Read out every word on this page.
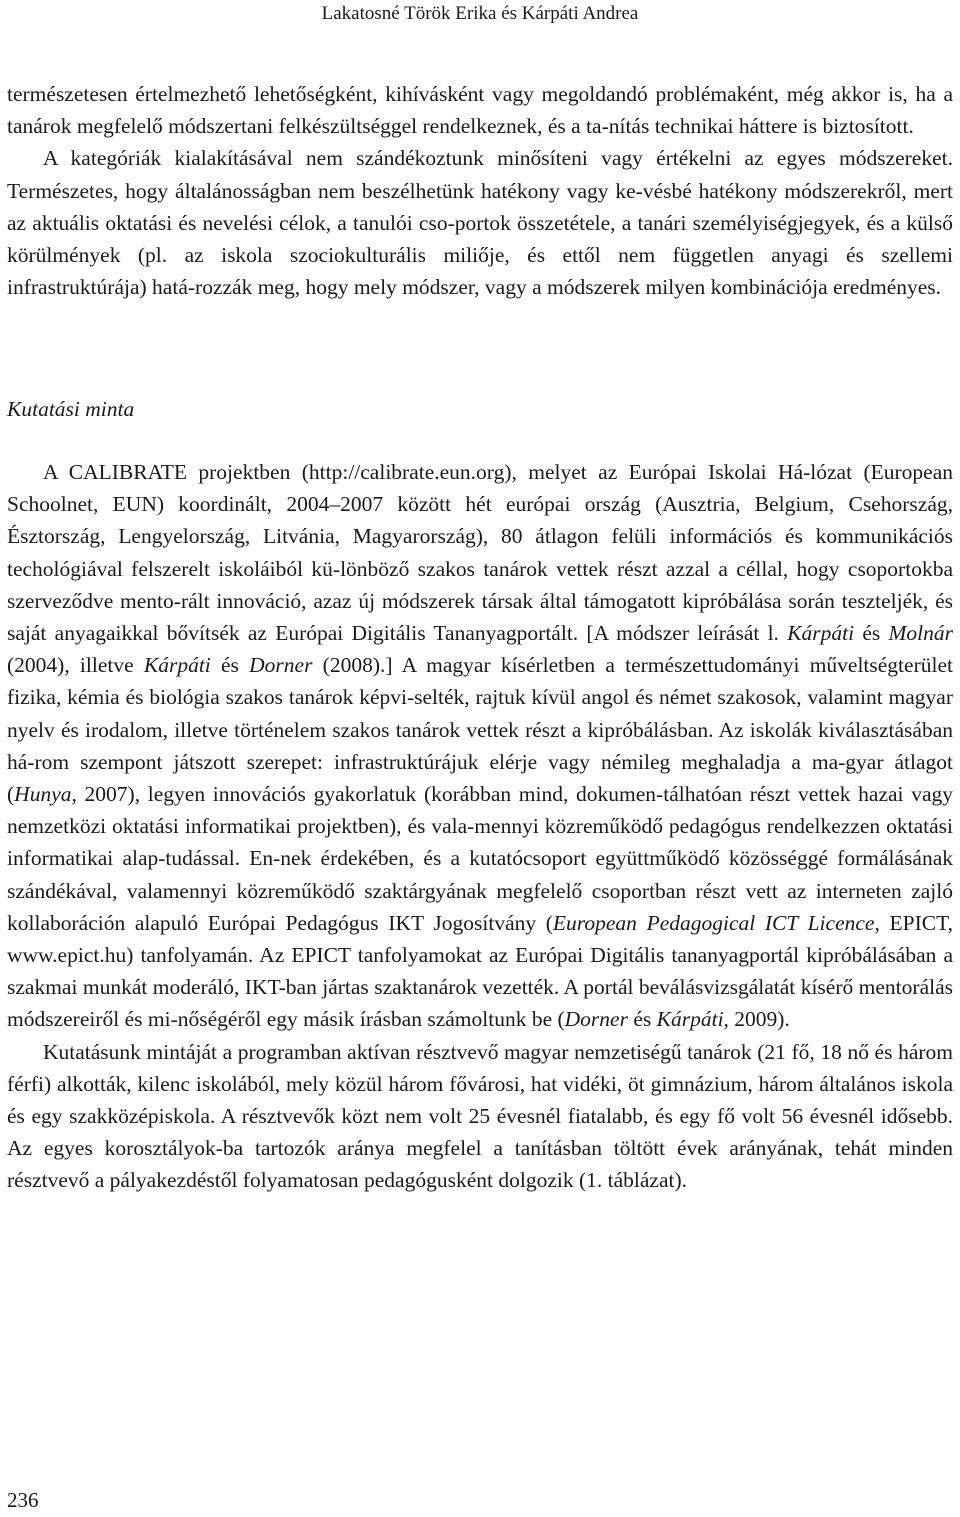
Lakatosné Török Erika és Kárpáti Andrea

természetesen értelmezhető lehetőségként, kihívásként vagy megoldandó problémaként, még akkor is, ha a tanárok megfelelő módszertani felkészültséggel rendelkeznek, és a ta-nítás technikai háttere is biztosított.

A kategóriák kialakításával nem szándékoztunk minősíteni vagy értékelni az egyes módszereket. Természetes, hogy általánosságban nem beszélhetünk hatékony vagy ke-vésbé hatékony módszerekről, mert az aktuális oktatási és nevelési célok, a tanulói cso-portok összetétele, a tanári személyiségjegyek, és a külső körülmények (pl. az iskola szociokulturális miliője, és ettől nem független anyagi és szellemi infrastruktúrája) hatá-rozzák meg, hogy mely módszer, vagy a módszerek milyen kombinációja eredményes.

Kutatási minta

A CALIBRATE projektben (http://calibrate.eun.org), melyet az Európai Iskolai Há-lózat (European Schoolnet, EUN) koordinált, 2004–2007 között hét európai ország (Ausztria, Belgium, Csehország, Észtország, Lengyelország, Litvánia, Magyarország), 80 átlagon felüli információs és kommunikációs techológiával felszerelt iskoláiból kü-lönböző szakos tanárok vettek részt azzal a céllal, hogy csoportokba szerveződve mento-rált innováció, azaz új módszerek társak által támogatott kipróbálása során teszteljék, és saját anyagaikkal bővítsék az Európai Digitális Tananyagportált. [A módszer leírását l. Kárpáti és Molnár (2004), illetve Kárpáti és Dorner (2008).] A magyar kísérletben a természettudományi műveltségterület fizika, kémia és biológia szakos tanárok képvi-selték, rajtuk kívül angol és német szakosok, valamint magyar nyelv és irodalom, illetve történelem szakos tanárok vettek részt a kipróbálásban. Az iskolák kiválasztásában há-rom szempont játszott szerepet: infrastruktúrájuk elérje vagy némileg meghaladja a ma-gyar átlagot (Hunya, 2007), legyen innovációs gyakorlatuk (korábban mind, dokumen-tálhatóan részt vettek hazai vagy nemzetközi oktatási informatikai projektben), és vala-mennyi közreműködő pedagógus rendelkezzen oktatási informatikai alap-tudással. En-nek érdekében, és a kutatócsoport együttműködő közösséggé formálásának szándékával, valamennyi közreműködő szaktárgyának megfelelő csoportban részt vett az interneten zajló kollaboráción alapuló Európai Pedagógus IKT Jogosítvány (European Pedagogical ICT Licence, EPICT, www.epict.hu) tanfolyamán. Az EPICT tanfolyamokat az Európai Digitális tananyagportál kipróbálásában a szakmai munkát moderáló, IKT-ban jártas szaktanárok vezették. A portál beválásvizsgálatát kísérő mentorálás módszereiről és mi-nőségéről egy másik írásban számoltunk be (Dorner és Kárpáti, 2009).

Kutatásunk mintáját a programban aktívan résztvevő magyar nemzetiségű tanárok (21 fő, 18 nő és három férfi) alkották, kilenc iskolából, mely közül három fővárosi, hat vidéki, öt gimnázium, három általános iskola és egy szakközépiskola. A résztvevők közt nem volt 25 évesnél fiatalabb, és egy fő volt 56 évesnél idősebb. Az egyes korosztályok-ba tartozók aránya megfelel a tanításban töltött évek arányának, tehát minden résztvevő a pályakezdéstől folyamatosan pedagógusként dolgozik (1. táblázat).

236
